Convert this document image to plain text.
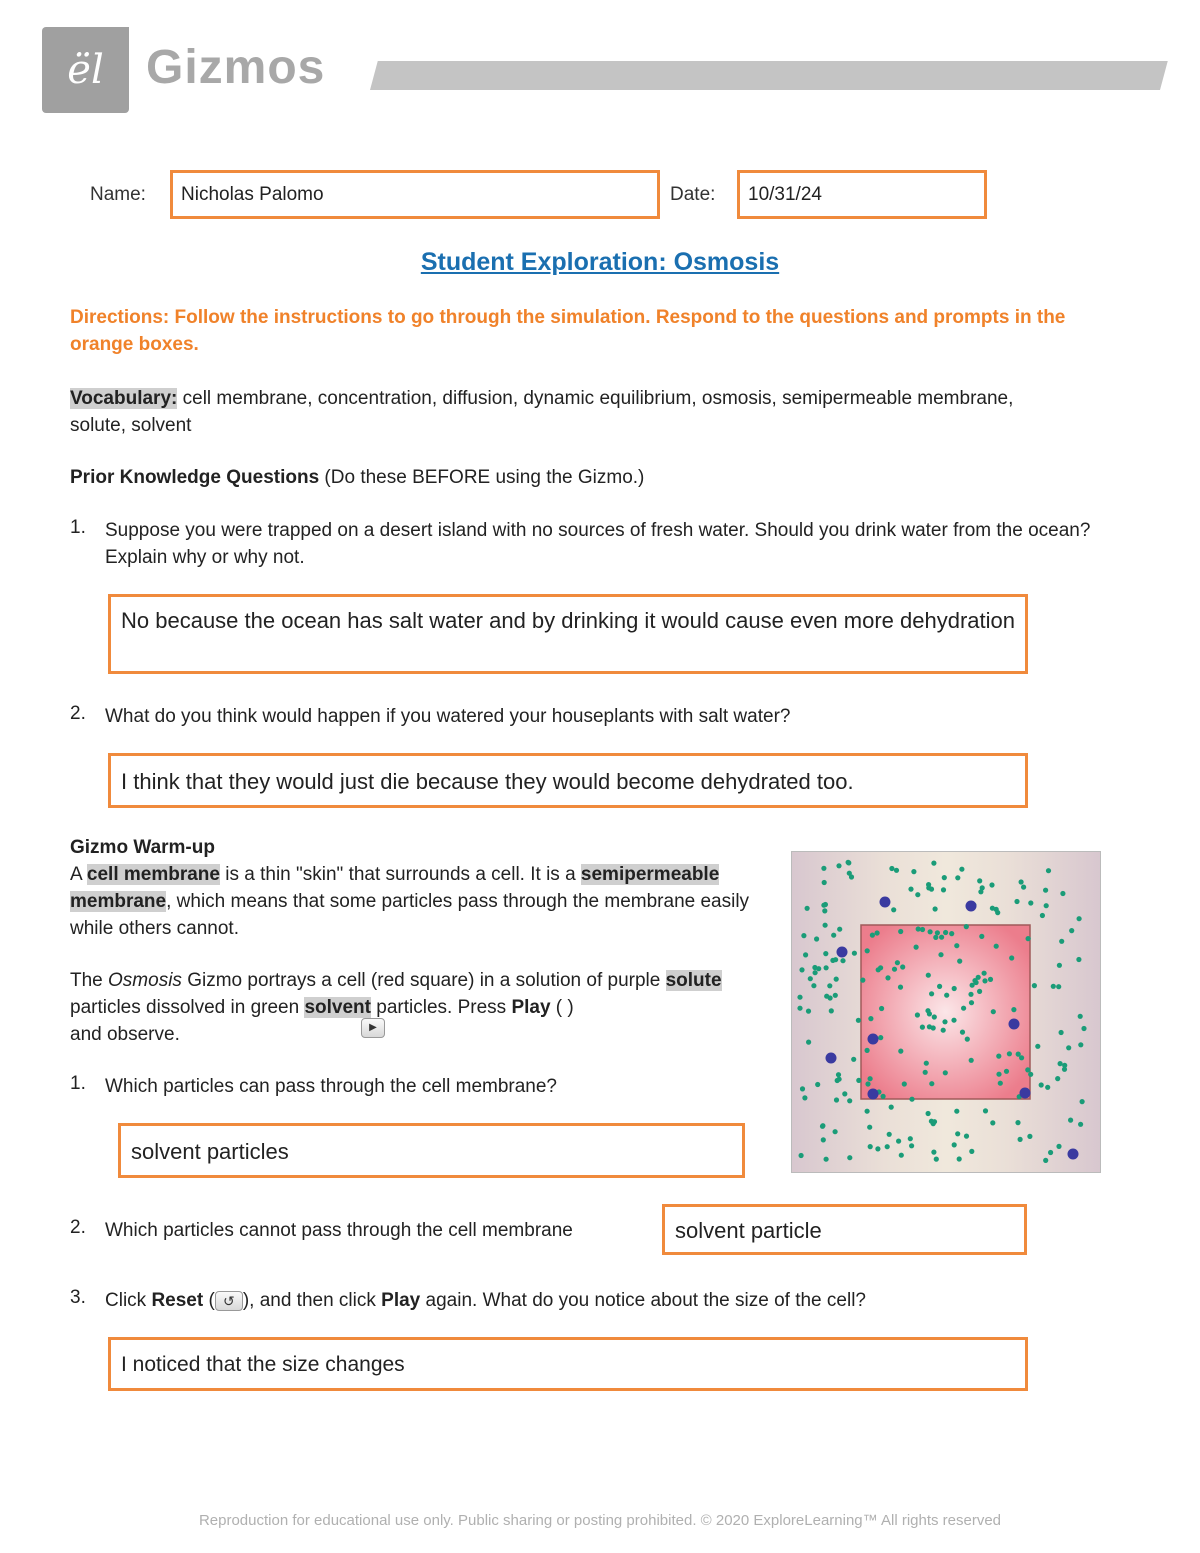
ël Gizmos
Name:	Nicholas Palomo	Date:	10/31/24
Student Exploration: Osmosis
Directions: Follow the instructions to go through the simulation. Respond to the questions and prompts in the orange boxes.
Vocabulary: cell membrane, concentration, diffusion, dynamic equilibrium, osmosis, semipermeable membrane, solute, solvent
Prior Knowledge Questions (Do these BEFORE using the Gizmo.)
1. Suppose you were trapped on a desert island with no sources of fresh water. Should you drink water from the ocean? Explain why or why not.
No because the ocean has salt water and by drinking it would cause even more dehydration
2. What do you think would happen if you watered your houseplants with salt water?
I think that they would just die because they would become dehydrated too.
Gizmo Warm-up
A cell membrane is a thin "skin" that surrounds a cell. It is a semipermeable membrane, which means that some particles pass through the membrane easily while others cannot.
The Osmosis Gizmo portrays a cell (red square) in a solution of purple solute particles dissolved in green solvent particles. Press Play ( )
and observe.	▶
1. Which particles can pass through the cell membrane?
solvent particles
2. Which particles cannot pass through the cell membrane	solvent particle
3. Click Reset ( ↺ ), and then click Play again. What do you notice about the size of the cell?
I noticed that the size changes
Reproduction for educational use only. Public sharing or posting prohibited. © 2020 ExploreLearning™ All rights reserved
